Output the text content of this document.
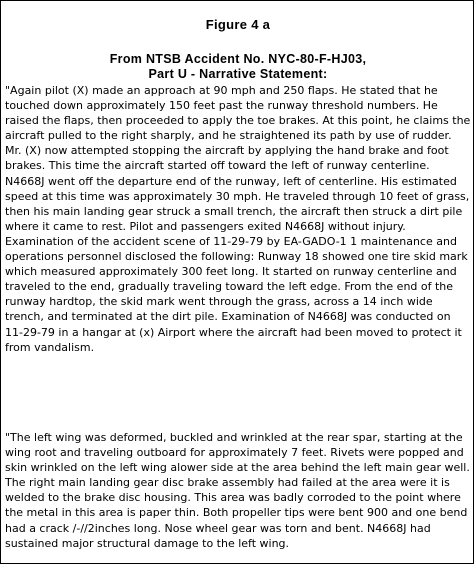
Figure 4 a
From NTSB Accident No. NYC-80-F-HJ03,
Part U - Narrative Statement:

"Again pilot (X) made an approach at 90 mph and 250 flaps. He stated that he touched down approximately 150 feet past the runway threshold numbers. He raised the flaps, then proceeded to apply the toe brakes. At this point, he claims the aircraft pulled to the right sharply, and he straightened its path by use of rudder. Mr. (X) now attempted stopping the aircraft by applying the hand brake and foot brakes. This time the aircraft started off toward the left of runway centerline. N4668J went off the departure end of the runway, left of centerline. His estimated speed at this time was approximately 30 mph. He traveled through 10 feet of grass, then his main landing gear struck a small trench, the aircraft then struck a dirt pile where it came to rest. Pilot and passengers exited N4668J without injury. Examination of the accident scene of 11-29-79 by EA-GADO-1 1 maintenance and operations personnel disclosed the following: Runway 18 showed one tire skid mark which measured approximately 300 feet long. It started on runway centerline and traveled to the end, gradually traveling toward the left edge. From the end of the runway hardtop, the skid mark went through the grass, across a 14 inch wide trench, and terminated at the dirt pile. Examination of N4668J was conducted on 11-29-79 in a hangar at (x) Airport where the aircraft had been moved to protect it from vandalism.

"The left wing was deformed, buckled and wrinkled at the rear spar, starting at the wing root and traveling outboard for approximately 7 feet. Rivets were popped and skin wrinkled on the left wing alower side at the area behind the left main gear well. The right main landing gear disc brake assembly had failed at the area were it is welded to the brake disc housing. This area was badly corroded to the point where the metal in this area is paper thin. Both propeller tips were bent 900 and one bend had a crack /-//2inches long. Nose wheel gear was torn and bent. N4668J had sustained major structural damage to the left wing.
